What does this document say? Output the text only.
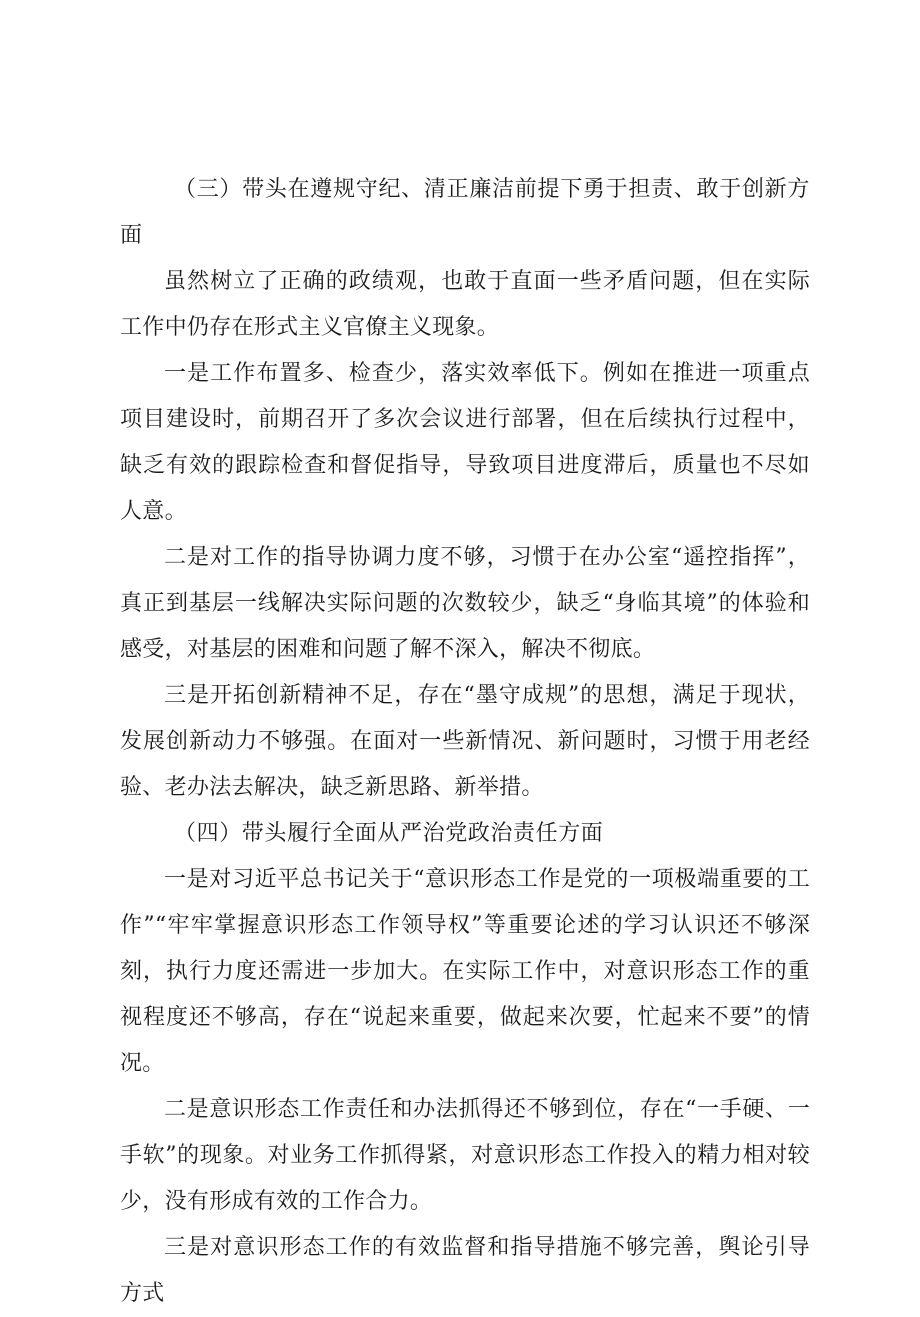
（三）带头在遵规守纪、清正廉洁前提下勇于担责、敢于创新方面

虽然树立了正确的政绩观，也敢于直面一些矛盾问题，但在实际工作中仍存在形式主义官僚主义现象。

一是工作布置多、检查少，落实效率低下。例如在推进一项重点项目建设时，前期召开了多次会议进行部署，但在后续执行过程中，缺乏有效的跟踪检查和督促指导，导致项目进度滞后，质量也不尽如人意。

二是对工作的指导协调力度不够，习惯于在办公室“遥控指挥”，真正到基层一线解决实际问题的次数较少，缺乏“身临其境”的体验和感受，对基层的困难和问题了解不深入，解决不彻底。

三是开拓创新精神不足，存在“墨守成规”的思想，满足于现状，发展创新动力不够强。在面对一些新情况、新问题时，习惯于用老经验、老办法去解决，缺乏新思路、新举措。

（四）带头履行全面从严治党政治责任方面

一是对习近平总书记关于“意识形态工作是党的一项极端重要的工作”“牢牢掌握意识形态工作领导权”等重要论述的学习认识还不够深刻，执行力度还需进一步加大。在实际工作中，对意识形态工作的重视程度还不够高，存在“说起来重要，做起来次要，忙起来不要”的情况。

二是意识形态工作责任和办法抓得还不够到位，存在“一手硬、一手软”的现象。对业务工作抓得紧，对意识形态工作投入的精力相对较少，没有形成有效的工作合力。

三是对意识形态工作的有效监督和指导措施不够完善，舆论引导方式
